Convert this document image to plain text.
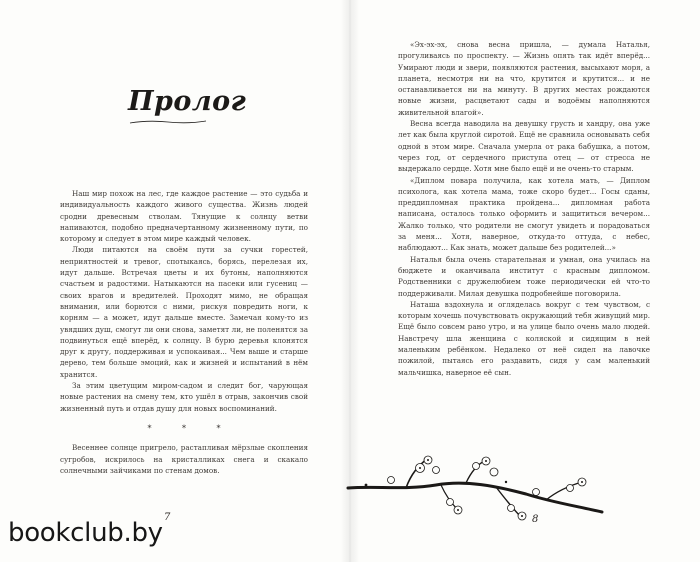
Пролог

Наш мир похож на лес, где каждое растение — это судьба и индивидуальность каждого живого существа. Жизнь людей сродни древесным стволам. Тянущие к солнцу ветви напиваются, подобно предначертанному жизненному пути, по которому и следует в этом мире каждый человек.

Люди питаются на своём пути за сучки горестей, неприятностей и тревог, спотыкаясь, борясь, перелезая их, идут дальше. Встречая цветы и их бутоны, наполняются счастьем и радостями. Натыкаются на пасеки или гусениц — своих врагов и вредителей. Проходят мимо, не обращая внимания, или борются с ними, рискуя повредить ноги, к корням — а может, идут дальше вместе. Замечая кому-то из увядших душ, смогут ли они снова, заметят ли, не поленятся за подвинуться ещё вперёд, к солнцу. В бурю деревья клонятся друг к другу, поддерживая и успокаивая... Чем выше и старше дерево, тем больше эмоций, как и жизней и испытаний в нём хранится.

За этим цветущим миром-садом и следит бог, чарующая новые растения на смену тем, кто ушёл в отрыв, закончив свой жизненный путь и отдав душу для новых воспоминаний.

* * *

Весеннее солнце пригрело, растапливая мёрзлые скопления сугробов, искрилось на кристалликах снега и скакало солнечными зайчиками по стенам домов.

7

«Эх-эх-эх, снова весна пришла, — думала Наталья, прогуливаясь по проспекту. — Жизнь опять так идёт вперёд... Умирают люди и звери, появляются растения, высыхают моря, а планета, несмотря ни на что, крутится и крутится... и не останавливается ни на минуту. В других местах рождаются новые жизни, расцветают сады и водоёмы наполняются живительной влагой».

Весна всегда наводила на девушку грусть и хандру, она уже лет как была круглой сиротой. Ещё не сравнила основывать себя одной в этом мире. Сначала умерла от рака бабушка, а потом, через год, от сердечного приступа отец — от стресса не выдержало сердце. Хотя мне было ещё и не очень-то старым.

«Диплом повара получила, как хотела мать, — Диплом психолога, как хотела мама, тоже скоро будет... Госы сданы, преддипломная практика пройдена... дипломная работа написана, осталось только оформить и защититься вечером... Жалко только, что родители не смогут увидеть и порадоваться за меня... Хотя, наверное, откуда-то оттуда, с небес, наблюдают... Как знать, может дальше без родителей...»

Наталья была очень старательная и умная, она училась на бюджете и оканчивала институт с красным дипломом. Родственники с дружелюбием тоже периодически ей что-то поддерживали. Милая девушка подробнейше поговорила.

Наташа вздохнула и огляделась вокруг с тем чувством, с которым хочешь почувствовать окружающий тебя живущий мир. Ещё было совсем рано утро, и на улице было очень мало людей. Навстречу шла женщина с коляской и сидящим в ней маленьким ребёнком. Недалеко от неё сидел на лавочке пожилой, пытаясь его раздавить, сидя у сам маленький мальчишка, наверное её сын.

8
bookclub.by
